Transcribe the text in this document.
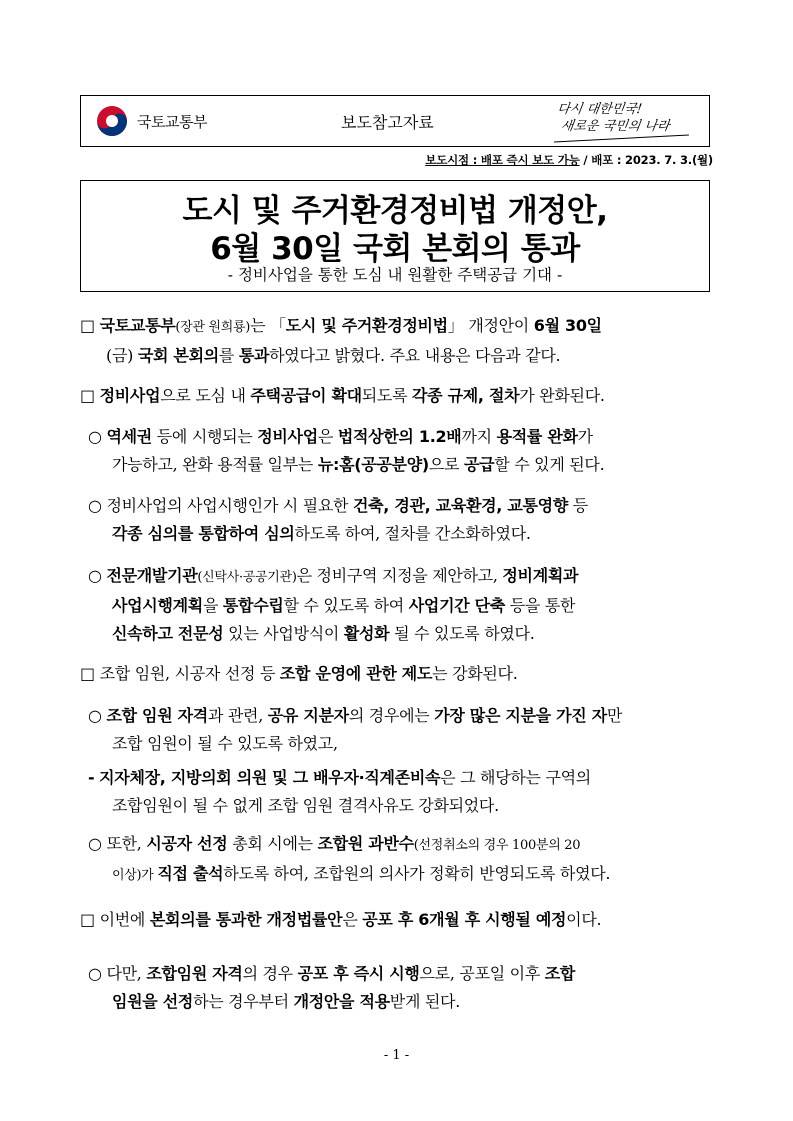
국토교통부	보도참고자료
다시 대한민국!
새로운 국민의 나라
보도시점 : 배포 즉시 보도 가능 / 배포 : 2023. 7. 3.(월)
도시 및 주거환경정비법 개정안,
6월 30일 국회 본회의 통과
- 정비사업을 통한 도심 내 원활한 주택공급 기대 -
□ 국토교통부(장관 원희룡)는 「도시 및 주거환경정비법」 개정안이 6월 30일
(금) 국회 본회의를 통과하였다고 밝혔다. 주요 내용은 다음과 같다.
□ 정비사업으로 도심 내 주택공급이 확대되도록 각종 규제, 절차가 완화된다.
○ 역세권 등에 시행되는 정비사업은 법적상한의 1.2배까지 용적률 완화가
가능하고, 완화 용적률 일부는 뉴:홈(공공분양)으로 공급할 수 있게 된다.
○ 정비사업의 사업시행인가 시 필요한 건축, 경관, 교육환경, 교통영향 등
각종 심의를 통합하여 심의하도록 하여, 절차를 간소화하였다.
○ 전문개발기관(신탁사·공공기관)은 정비구역 지정을 제안하고, 정비계획과
사업시행계획을 통합수립할 수 있도록 하여 사업기간 단축 등을 통한
신속하고 전문성 있는 사업방식이 활성화 될 수 있도록 하였다.
□ 조합 임원, 시공자 선정 등 조합 운영에 관한 제도는 강화된다.
○ 조합 임원 자격과 관련, 공유 지분자의 경우에는 가장 많은 지분을 가진 자만
조합 임원이 될 수 있도록 하였고,
- 지자체장, 지방의회 의원 및 그 배우자·직계존비속은 그 해당하는 구역의
조합임원이 될 수 없게 조합 임원 결격사유도 강화되었다.
○ 또한, 시공자 선정 총회 시에는 조합원 과반수(선정취소의 경우 100분의 20
이상)가 직접 출석하도록 하여, 조합원의 의사가 정확히 반영되도록 하였다.
□ 이번에 본회의를 통과한 개정법률안은 공포 후 6개월 후 시행될 예정이다.
○ 다만, 조합임원 자격의 경우 공포 후 즉시 시행으로, 공포일 이후 조합
임원을 선정하는 경우부터 개정안을 적용받게 된다.
- 1 -
